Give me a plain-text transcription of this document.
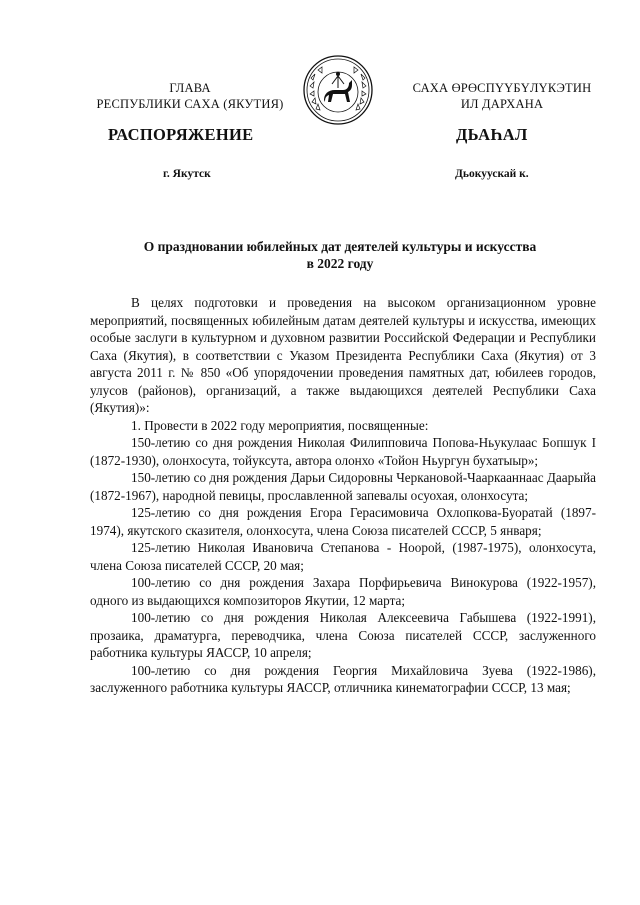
ГЛАВА
РЕСПУБЛИКИ САХА (ЯКУТИЯ)
САХА ӨРӨСПҮҮБҮЛҮКЭТИН
ИЛ ДАРХАНА
РАСПОРЯЖЕНИЕ	ДЬАҺАЛ
г. Якутск	Дьокуускай к.
О праздновании юбилейных дат деятелей культуры и искусства
в 2022 году

В целях подготовки и проведения на высоком организационном уровне мероприятий, посвященных юбилейным датам деятелей культуры и искусства, имеющих особые заслуги в культурном и духовном развитии Российской Федерации и Республики Саха (Якутия), в соответствии с Указом Президента Республики Саха (Якутия) от 3 августа 2011 г. № 850 «Об упорядочении проведения памятных дат, юбилеев городов, улусов (районов), организаций, а также выдающихся деятелей Республики Саха (Якутия)»:

1. Провести в 2022 году мероприятия, посвященные:

150-летию со дня рождения Николая Филипповича Попова-Ньукулаас Бопшук I (1872-1930), олонхосута, тойуксута, автора олонхо «Тойон Ньургун бухатыыр»;

150-летию со дня рождения Дарьи Сидоровны Черкановой-Чааркааннаас Даарыйа (1872-1967), народной певицы, прославленной запевалы осуохая, олонхосута;

125-летию со дня рождения Егора Герасимовича Охлопкова-Буоратай (1897-1974), якутского сказителя, олонхосута, члена Союза писателей СССР, 5 января;

125-летию Николая Ивановича Степанова - Ноорой, (1987-1975), олонхосута, члена Союза писателей СССР, 20 мая;

100-летию со дня рождения Захара Порфирьевича Винокурова (1922-1957), одного из выдающихся композиторов Якутии, 12 марта;

100-летию со дня рождения Николая Алексеевича Габышева (1922-1991), прозаика, драматурга, переводчика, члена Союза писателей СССР, заслуженного работника культуры ЯАССР, 10 апреля;

100-летию со дня рождения Георгия Михайловича Зуева (1922-1986), заслуженного работника культуры ЯАССР, отличника кинематографии СССР, 13 мая;
